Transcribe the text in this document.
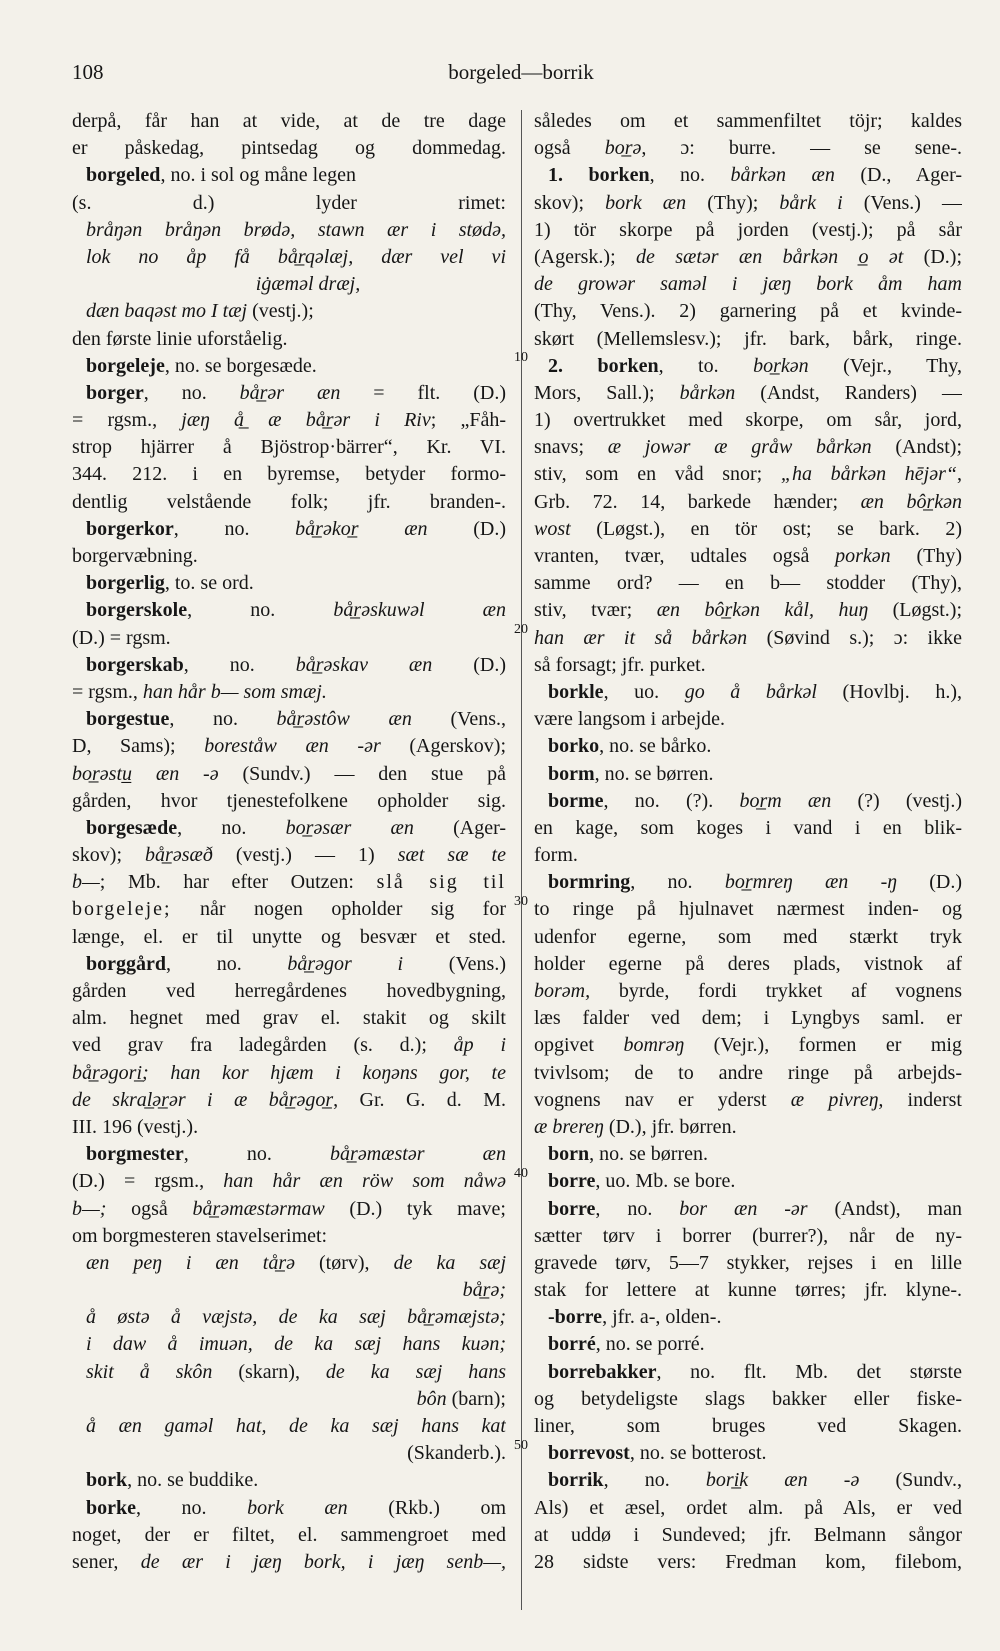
108	borgeled—borrik
derpå, får han at vide, at de tre dage
er påskedag, pintsedag og dommedag.
borgeled, no. i sol og måne legen
(s. d.) lyder rimet:
bråŋən bråŋən brødə, stawn ær i stødə,
lok no åp få bår̲qəlæj, dær vel vi
iġæməl dræj,
dæn baqəst mo I tæj (vestj.);
den første linie uforståelig.
borgeleje, no. se borgesæde.
borger, no. bår̲ər æn = flt. (D.)
= rgsm., jæŋ å̲ æ bår̲ər i Riv; „Fåh-
strop hjärrer å Bjöstrop·bärrer“, Kr. VI.
344. 212. i en byremse, betyder formo-
dentlig velstående folk; jfr. branden-.
borgerkor, no. bår̲əkor̲ æn (D.)
borgervæbning.
borgerlig, to. se ord.
borgerskole, no. bår̲əskuwəl æn
(D.) = rgsm.
borgerskab, no. bår̲əskav æn (D.)
= rgsm., han hår b— som smæj.
borgestue, no. bår̲əstôw æn (Vens.,
D, Sams); boreståw æn -ər (Agerskov);
bor̲əstu̲ æn -ə (Sundv.) — den stue på
gården, hvor tjenestefolkene opholder sig.
borgesæde, no. bor̲əsær æn (Ager-
skov); bår̲əsæð (vestj.) — 1) sæt sæ te
b—; Mb. har efter Outzen: slå sig til
borgeleje; når nogen opholder sig for
længe, el. er til unytte og besvær et sted.
borggård, no. bår̲əgor i (Vens.)
gården ved herregårdenes hovedbygning,
alm. hegnet med grav el. stakit og skilt
ved grav fra ladegården (s. d.); åp i
bår̲əgori̲; han kor hjæm i koŋəns gor, te
de skral̲ər̲ər i æ bår̲əgor̲, Gr. G. d. M.
III. 196 (vestj.).
borgmester, no. bår̲əmæstər æn
(D.) = rgsm., han hår æn röw som nåwə
b—; også bår̲əmæstərmaw (D.) tyk mave;
om borgmesteren stavelserimet:
æn peŋ i æn tår̲ə (tørv), de ka sæj
bår̲ə;
å østə å væjstə, de ka sæj bår̲əmæjstə;
i daw å imuən, de ka sæj hans kuən;
skit å skôn (skarn), de ka sæj hans
bôn (barn);
å æn gaməl hat, de ka sæj hans kat
(Skanderb.).
bork, no. se buddike.
borke, no. bork æn (Rkb.) om
noget, der er filtet, el. sammengroet med
sener, de ær i jæŋ bork, i jæŋ senb—,
således om et sammenfiltet töjr; kaldes
også bor̲ə, ɔ: burre. — se sene-.
1. borken, no. bårkən æn (D., Ager-
skov); bork æn (Thy); bårk i (Vens.) —
1) tör skorpe på jorden (vestj.); på sår
(Agersk.); de sætər æn bårkən o̲ ət (D.);
de growər saməl i jæŋ bork åm ham
(Thy, Vens.). 2) garnering på et kvinde-
skørt (Mellemslesv.); jfr. bark, bårk, ringe.
2. borken, to. bor̲kən (Vejr., Thy,
Mors, Sall.); bårkən (Andst, Randers) —
1) overtrukket med skorpe, om sår, jord,
snavs; æ jowər æ gråw bårkən (Andst);
stiv, som en våd snor; „ha bårkən hējər“,
Grb. 72. 14, barkede hænder; æn bôr̲kən
wost (Løgst.), en tör ost; se bark. 2)
vranten, tvær, udtales også porkən (Thy)
samme ord? — en b— stodder (Thy),
stiv, tvær; æn bôr̲kən kål, huŋ (Løgst.);
han ær it så bårkən (Søvind s.); ɔ: ikke
så forsagt; jfr. purket.
borkle, uo. go å bårkəl (Hovlbj. h.),
være langsom i arbejde.
borko, no. se bårko.
borm, no. se børren.
borme, no. (?). bor̲m æn (?) (vestj.)
en kage, som koges i vand i en blik-
form.
bormring, no. bor̲mreŋ æn -ŋ (D.)
to ringe på hjulnavet nærmest inden- og
udenfor egerne, som med stærkt tryk
holder egerne på deres plads, vistnok af
borəm, byrde, fordi trykket af vognens
læs falder ved dem; i Lyngbys saml. er
opgivet bomrəŋ (Vejr.), formen er mig
tvivlsom; de to andre ringe på arbejds-
vognens nav er yderst æ pivreŋ, inderst
æ brereŋ (D.), jfr. børren.
born, no. se børren.
borre, uo. Mb. se bore.
borre, no. bor æn -ər (Andst), man
sætter tørv i borrer (burrer?), når de ny-
gravede tørv, 5—7 stykker, rejses i en lille
stak for lettere at kunne tørres; jfr. klyne-.
-borre, jfr. a-, olden-.
borré, no. se porré.
borrebakker, no. flt. Mb. det største
og betydeligste slags bakker eller fiske-
liner, som bruges ved Skagen.
borrevost, no. se botterost.
borrik, no. bori̲k æn -ə (Sundv.,
Als) et æsel, ordet alm. på Als, er ved
at uddø i Sundeved; jfr. Belmann sångor
28 sidste vers: Fredman kom, filebom,
10
20
30
40
50
